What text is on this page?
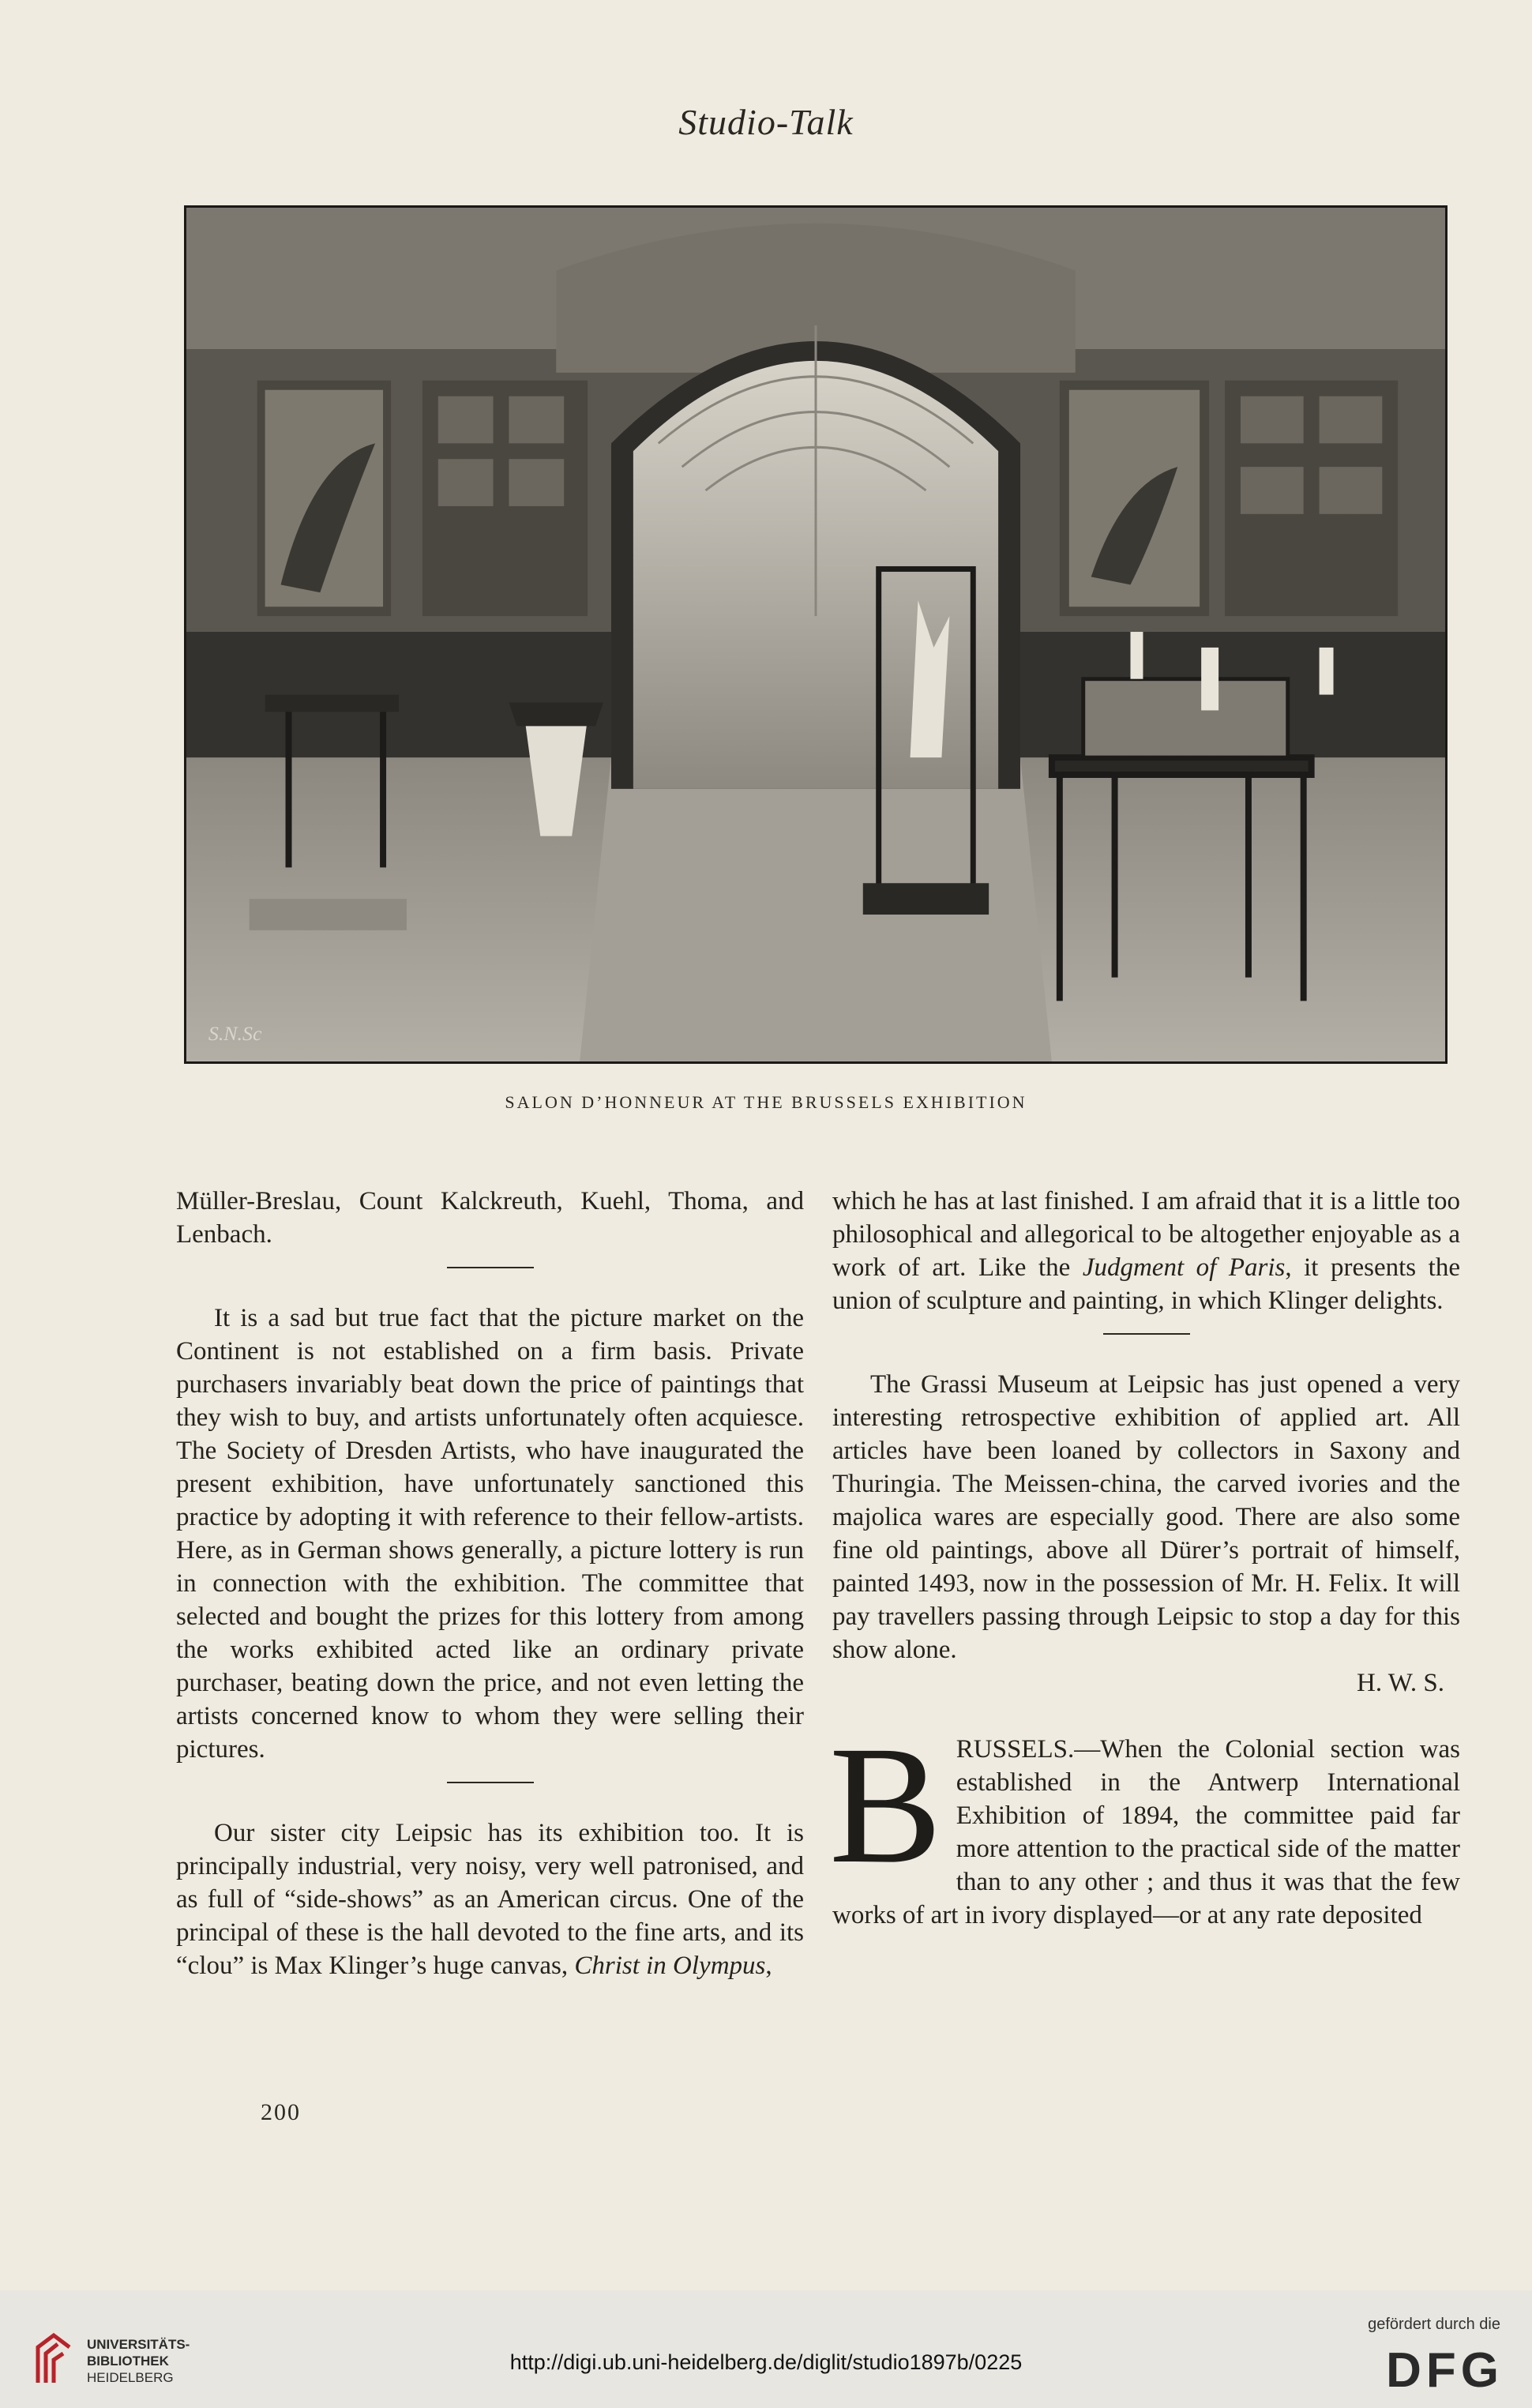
Studio-Talk
S.N.Sc
SALON D’HONNEUR AT THE BRUSSELS EXHIBITION

Müller-Breslau, Count Kalckreuth, Kuehl, Thoma, and Lenbach.

It is a sad but true fact that the picture market on the Continent is not established on a firm basis. Private purchasers invariably beat down the price of paintings that they wish to buy, and artists unfortunately often acquiesce. The Society of Dresden Artists, who have inaugurated the present exhibition, have unfortunately sanctioned this practice by adopting it with reference to their fellow-artists. Here, as in German shows generally, a picture lottery is run in connection with the exhibition. The committee that selected and bought the prizes for this lottery from among the works exhibited acted like an ordinary private purchaser, beating down the price, and not even letting the artists concerned know to whom they were selling their pictures.

Our sister city Leipsic has its exhibition too. It is principally industrial, very noisy, very well patronised, and as full of “side-shows” as an American circus. One of the principal of these is the hall devoted to the fine arts, and its “clou” is Max Klinger’s huge canvas, Christ in Olympus,

which he has at last finished. I am afraid that it is a little too philosophical and allegorical to be altogether enjoyable as a work of art. Like the Judgment of Paris, it presents the union of sculpture and painting, in which Klinger delights.

The Grassi Museum at Leipsic has just opened a very interesting retrospective exhibition of applied art. All articles have been loaned by collectors in Saxony and Thuringia. The Meissen-china, the carved ivories and the majolica wares are especially good. There are also some fine old paintings, above all Dürer’s portrait of himself, painted 1493, now in the possession of Mr. H. Felix. It will pay travellers passing through Leipsic to stop a day for this show alone.

H. W. S.

BRUSSELS.—When the Colonial section was established in the Antwerp International Exhibition of 1894, the committee paid far more attention to the practical side of the matter than to any other ; and thus it was that the few works of art in ivory displayed—or at any rate deposited

200
UNIVERSITÄTS-
BIBLIOTHEK
HEIDELBERG
http://digi.ub.uni-heidelberg.de/diglit/studio1897b/0225
gefördert durch die
DFG
